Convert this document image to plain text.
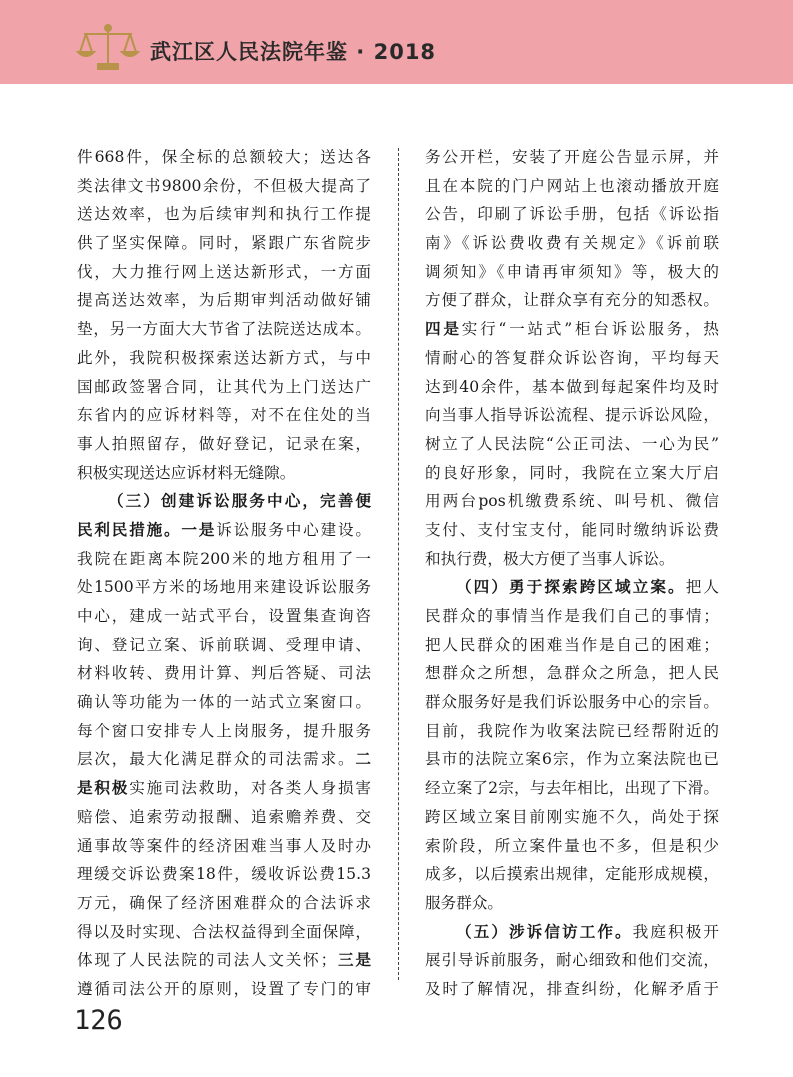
武江区人民法院年鉴 · 2018
件668件，保全标的总额较大；送达各
类法律文书9800余份，不但极大提高了
送达效率，也为后续审判和执行工作提
供了坚实保障。同时，紧跟广东省院步
伐，大力推行网上送达新形式，一方面
提高送达效率，为后期审判活动做好铺
垫，另一方面大大节省了法院送达成本。
此外，我院积极探索送达新方式，与中
国邮政签署合同，让其代为上门送达广
东省内的应诉材料等，对不在住处的当
事人拍照留存，做好登记，记录在案，
积极实现送达应诉材料无缝隙。
（三）创建诉讼服务中心，完善便
民利民措施。一是诉讼服务中心建设。
我院在距离本院200米的地方租用了一
处1500平方米的场地用来建设诉讼服务
中心，建成一站式平台，设置集查询咨
询、登记立案、诉前联调、受理申请、
材料收转、费用计算、判后答疑、司法
确认等功能为一体的一站式立案窗口。
每个窗口安排专人上岗服务，提升服务
层次，最大化满足群众的司法需求。二
是积极实施司法救助，对各类人身损害
赔偿、追索劳动报酬、追索赡养费、交
通事故等案件的经济困难当事人及时办
理缓交诉讼费案18件，缓收诉讼费15.3
万元，确保了经济困难群众的合法诉求
得以及时实现、合法权益得到全面保障，
体现了人民法院的司法人文关怀；三是
遵循司法公开的原则，设置了专门的审
务公开栏，安装了开庭公告显示屏，并
且在本院的门户网站上也滚动播放开庭
公告，印刷了诉讼手册，包括《诉讼指
南》《诉讼费收费有关规定》《诉前联
调须知》《申请再审须知》等，极大的
方便了群众，让群众享有充分的知悉权。
四是实行“一站式”柜台诉讼服务，热
情耐心的答复群众诉讼咨询，平均每天
达到40余件，基本做到每起案件均及时
向当事人指导诉讼流程、提示诉讼风险，
树立了人民法院“公正司法、一心为民”
的良好形象，同时，我院在立案大厅启
用两台pos机缴费系统、叫号机、微信
支付、支付宝支付，能同时缴纳诉讼费
和执行费，极大方便了当事人诉讼。
（四）勇于探索跨区域立案。把人
民群众的事情当作是我们自己的事情；
把人民群众的困难当作是自己的困难；
想群众之所想，急群众之所急，把人民
群众服务好是我们诉讼服务中心的宗旨。
目前，我院作为收案法院已经帮附近的
县市的法院立案6宗，作为立案法院也已
经立案了2宗，与去年相比，出现了下滑。
跨区域立案目前刚实施不久，尚处于探
索阶段，所立案件量也不多，但是积少
成多，以后摸索出规律，定能形成规模，
服务群众。
（五）涉诉信访工作。我庭积极开
展引导诉前服务，耐心细致和他们交流，
及时了解情况，排查纠纷，化解矛盾于
126
